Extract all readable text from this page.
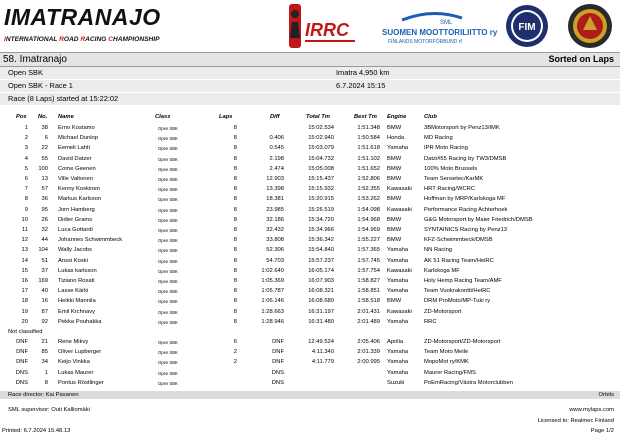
IMATRANAJO
INTERNATIONAL ROAD RACING CHAMPIONSHIP	IRRC	SML
SUOMEN MOOTTORILIITTO ry
FINLANDS MOTORFÖRBUND rf
FIM
58. Imatranajo	Sorted on Laps
Open SBK	Imatra 4,950 km
Open SBK - Race 1	6.7.2024 15:15
Race (8 Laps) started at 15:22:02
Pos No. Name	Class	Laps	Diff	Total Tm	Best Tm Engine	Club
1	38 Erno Kostamo	Open SBK	8	15:02.534	1:51.348 BMW	3BMotorsport by Penz13/IMK
2	6 Michael Dunlop	Open SBK	8	0.406	15:02.940	1:50.584 Honda	MD Racing
3	22 Eemeli Lahti	Open SBK	8	0.545	15:03.079	1:51.618 Yamaha	IPR Moto Racing
4	55 David Datzer	Open SBK	8	2.198	15:04.732	1:51.102 BMW	Datzi#55 Racing by TW3/DMSB
5	100 Come Geenen	Open SBK	8	2.474	15:05.008	1:51.652 BMW	100% Moto Brussels
6	13 Ville Valtonen	Open SBK	8	12.903	15:15.437	1:52.806 BMW	Team Sensetec/KarMK
7	57 Kenny Koskinen	Open SBK	8	13.398	15:15.932	1:52.355 Kawasaki	HRT Racing/WCRC
8	36 Markus Karlsson	Open SBK	8	18.381	15:20.915	1:53.262 BMW	Hoffman by MRP/Karlskoga MF
9	95 Jorn Hamberg	Open SBK	8	23.985	15:26.519	1:54.098 Kawasaki	Performance Racing Achterhoek
10	26 Didier Grams	Open SBK	8	32.186	15:34.720	1:54.968 BMW	G&G Motorsport by Maier Friedrich/DMSB
11	32 Luca Gottardi	Open SBK	8	32.432	15:34.966	1:54.969 BMW	SYNTAINICS Racing by Penz13
12	44 Johannes Schwimmbeck	Open SBK	8	33.808	15:36.342	1:55.227 BMW	KFZ-Schwimmbeck/DMSB
13	104 Wally Jacobs	Open SBK	8	52.306	15:54.840	1:57.365 Yamaha	NN Racing
14	51 Anssi Koski	Open SBK	8	54.703	15:57.237	1:57.745 Yamaha	AK 51 Racing Team/HeiRC
15	37 Lukas karlsson	Open SBK	8	1:02.640	16:05.174	1:57.754 Kawasaki	Karlskoga MF
16	169 Tiziano Rosati	Open SBK	8	1:05.369	16:07.903	1:58.827 Yamaha	Holy Hemp Racing Team/AMF
17	40 Lasse Kärki	Open SBK	8	1:05.787	16:08.321	1:58.851 Yamaha	Team Vuokrakontti/HeiRC
18	16 Heikki Mannila	Open SBK	8	1:06.146	16:08.680	1:58.518 BMW	DRM ProMoto/MP-Tuki ry
19	87 Emil Krchnavy	Open SBK	8	1:28.663	16:31.197	2:01.431 Kawasaki	ZD-Motorsport
20	92 Pekka Pouhakka	Open SBK	8	1:28.946	16:31.480	2:01.489 Yamaha	RRC
Not classified
DNF	21 Rene Mikvy	Open SBK	6	DNF	12:49.524	2:05.406 Aprilia	ZD-Motorsport/ZD-Motorsport
DNF	85 Oliver Lupberger	Open SBK	2	DNF	4:11.340	2:01.339 Yamaha	Team Moto Meile
DNF	34 Keijo Vinkka	Open SBK	2	DNF	4:11.779	2:00.995 Yamaha	MopoMot ry/KMK
DNS	1 Lukas Maurer	Open SBK	DNS	Yamaha	Maurer Racing/FMS
DNS	8 Pontus Röstlinger	Open SBK	DNS	Suzuki	PoEmRacing/Västra Motorclubben
Race director: Kai Pasanen	Orbits
SML supervisor: Outi Kalliomäki	www.mylaps.com
Licensed to: Realmec Finland
Printed: 6.7.2024 15.48.13	Page 1/2
